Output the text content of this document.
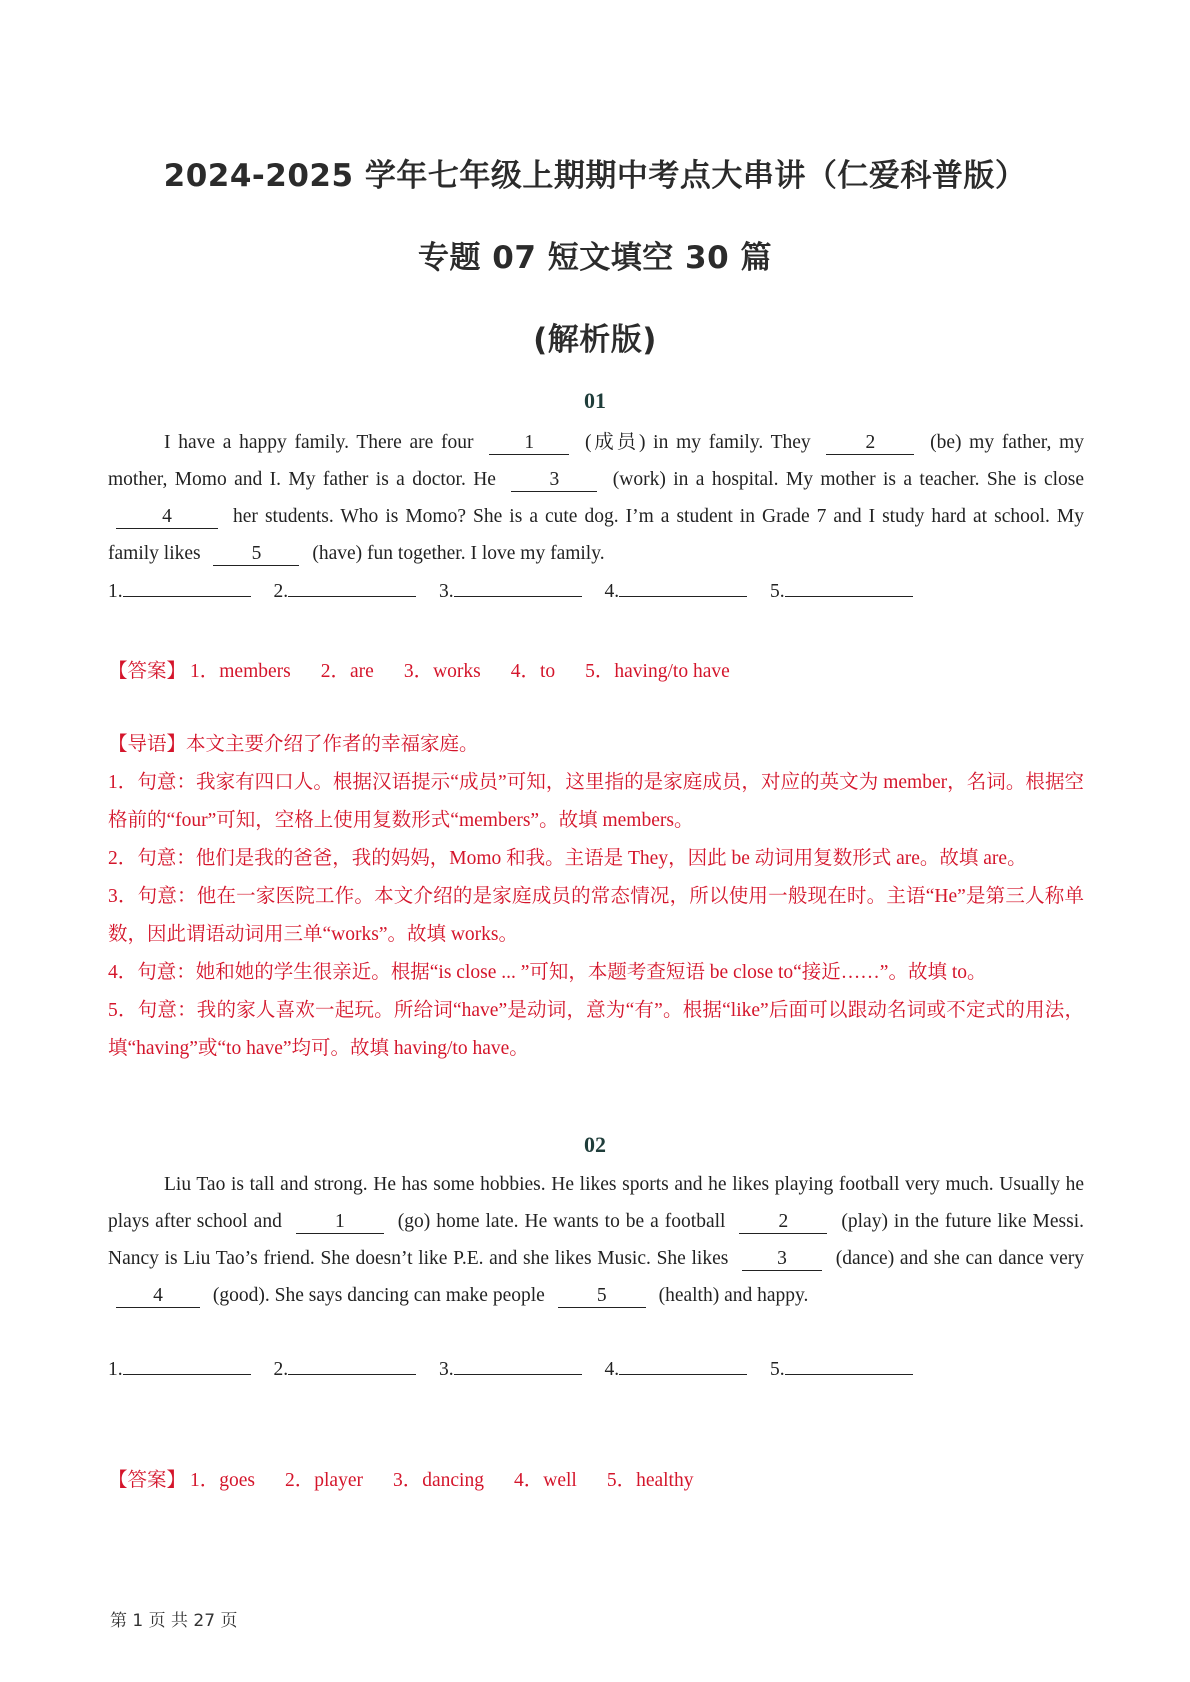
2024-2025 学年七年级上期期中考点大串讲（仁爱科普版）
专题 07 短文填空 30 篇
(解析版)
01
I have a happy family. There are four	1	(成员) in my family. They	2	(be) my father, my mother, Momo and I. My father is a doctor. He	3	(work) in a hospital. My mother is a teacher. She is close 4	her students. Who is Momo? She is a cute dog. I’m a student in Grade 7 and I study hard at school. My family likes	5	(have) fun together. I love my family.
1.	2.	3.	4.	5.
【答案】 1．members 2．are 3．works 4．to 5．having/to have

【导语】本文主要介绍了作者的幸福家庭。

1．句意：我家有四口人。根据汉语提示“成员”可知，这里指的是家庭成员，对应的英文为 member，名词。根据空格前的“four”可知，空格上使用复数形式“members”。故填 members。

2．句意：他们是我的爸爸，我的妈妈，Momo 和我。主语是 They，因此 be 动词用复数形式 are。故填 are。

3．句意：他在一家医院工作。本文介绍的是家庭成员的常态情况，所以使用一般现在时。主语“He”是第三人称单数，因此谓语动词用三单“works”。故填 works。

4．句意：她和她的学生很亲近。根据“is close ... ”可知，本题考查短语 be close to“接近……”。故填 to。

5．句意：我的家人喜欢一起玩。所给词“have”是动词，意为“有”。根据“like”后面可以跟动名词或不定式的用法，填“having”或“to have”均可。故填 having/to have。

02
Liu Tao is tall and strong. He has some hobbies. He likes sports and he likes playing football very much. Usually he plays after school and	1	(go) home late. He wants to be a football	2	(play) in the future like Messi. Nancy is Liu Tao’s friend. She doesn’t like P.E. and she likes Music. She likes	3	(dance) and she can dance very 4	(good). She says dancing can make people	5	(health) and happy.
1.	2.	3.	4.	5.
【答案】 1．goes 2．player 3．dancing 4．well 5．healthy
第 1 页 共 27 页
